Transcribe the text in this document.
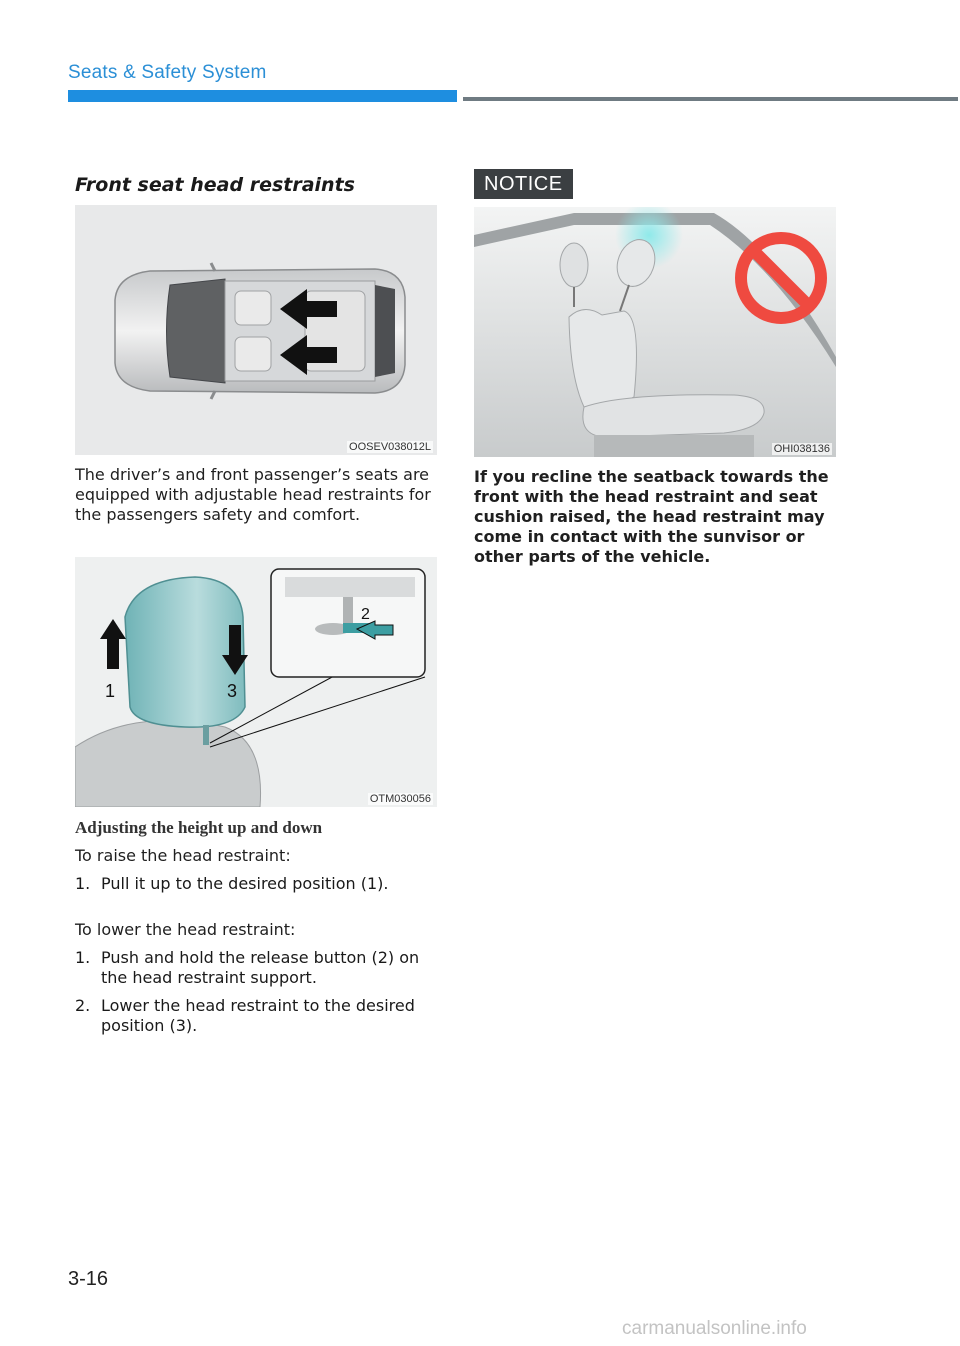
Seats & Safety System
Front seat head restraints
OOSEV038012L
The driver’s and front passenger’s seats are equipped with adjustable head restraints for the passengers safety and comfort.
1	3
2
OTM030056
Adjusting the height up and down
To raise the head restraint:
1. Pull it up to the desired position (1).
To lower the head restraint:
1. Push and hold the release button (2) on the head restraint support.
2. Lower the head restraint to the desired position (3).
NOTICE
OHI038136
If you recline the seatback towards the front with the head restraint and seat cushion raised, the head restraint may come in contact with the sunvisor or other parts of the vehicle.
3-16
carmanualsonline.info
